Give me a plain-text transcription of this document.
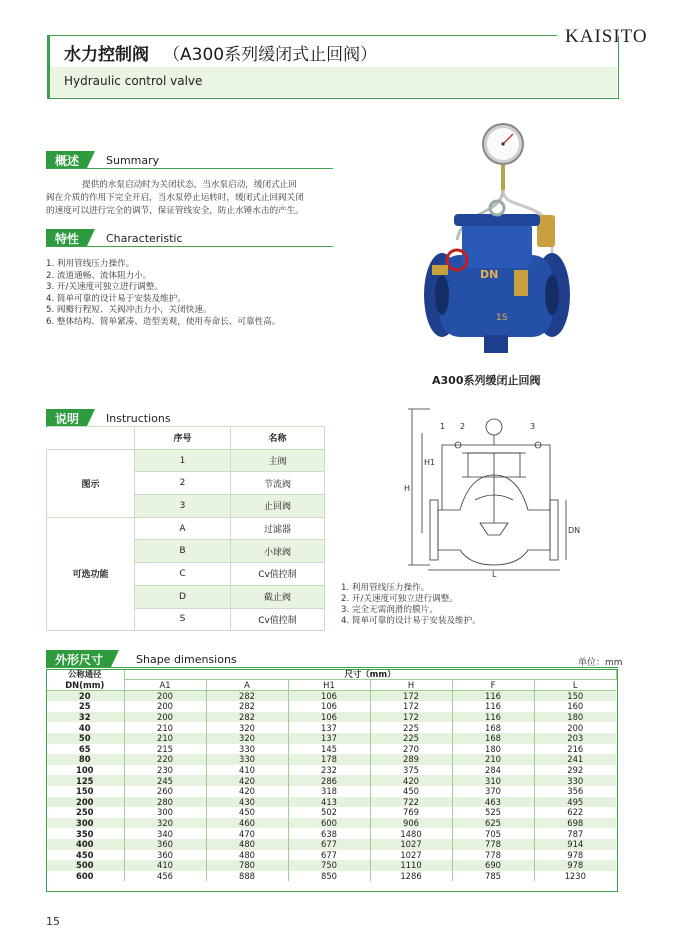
KAISITO
水力控制阀 （A300系列缓闭式止回阀）
Hydraulic control valve
概述	Summary
提供的水泵启动时为关闭状态，当水泵启动，缓闭式止回
阀在介质的作用下完全开启，当水泵停止运转时，缓闭式止回阀关闭
的速度可以进行完全的调节，保证管线安全，防止水锤水击的产生。
特性	Characteristic
1. 利用管线压力操作。
2. 流道通畅、流体阻力小。
3. 开/关速度可独立进行调整。
4. 简单可靠的设计易于安装及维护。
5. 阀瓣行程短、关阀冲击力小，关闭快速。
6. 整体结构、简单紧凑、造型美观，使用寿命长、可靠性高。
DN
1S
A300系列缓闭止回阀
说明	Instructions
	序号	名称
图示	1	主阀
	2	节流阀
	3	止回阀
可选功能	A	过滤器
	B	小球阀
	C	Cv值控制
	D	截止阀
	S	Cv值控制
1 2	3
H1
H
DN
L
1. 利用管线压力操作。
2. 开/关速度可独立进行调整。
3. 完全无需润滑的膜片。
4. 简单可靠的设计易于安装及维护。
外形尺寸	Shape dimensions	单位：mm
公称通径	尺寸（mm）					
DN(mm)	A1	A	H1	H	F	L
20	200	282	106	172	116	150
25	200	282	106	172	116	160
32	200	282	106	172	116	180
40	210	320	137	225	168	200
50	210	320	137	225	168	203
65	215	330	145	270	180	216
80	220	330	178	289	210	241
100	230	410	232	375	284	292
125	245	420	286	420	310	330
150	260	420	318	450	370	356
200	280	430	413	722	463	495
250	300	450	502	769	525	622
300	320	460	600	906	625	698
350	340	470	638	1480	705	787
400	360	480	677	1027	778	914
450	360	480	677	1027	778	978
500	410	780	750	1110	690	978
600	456	888	850	1286	785	1230
15
